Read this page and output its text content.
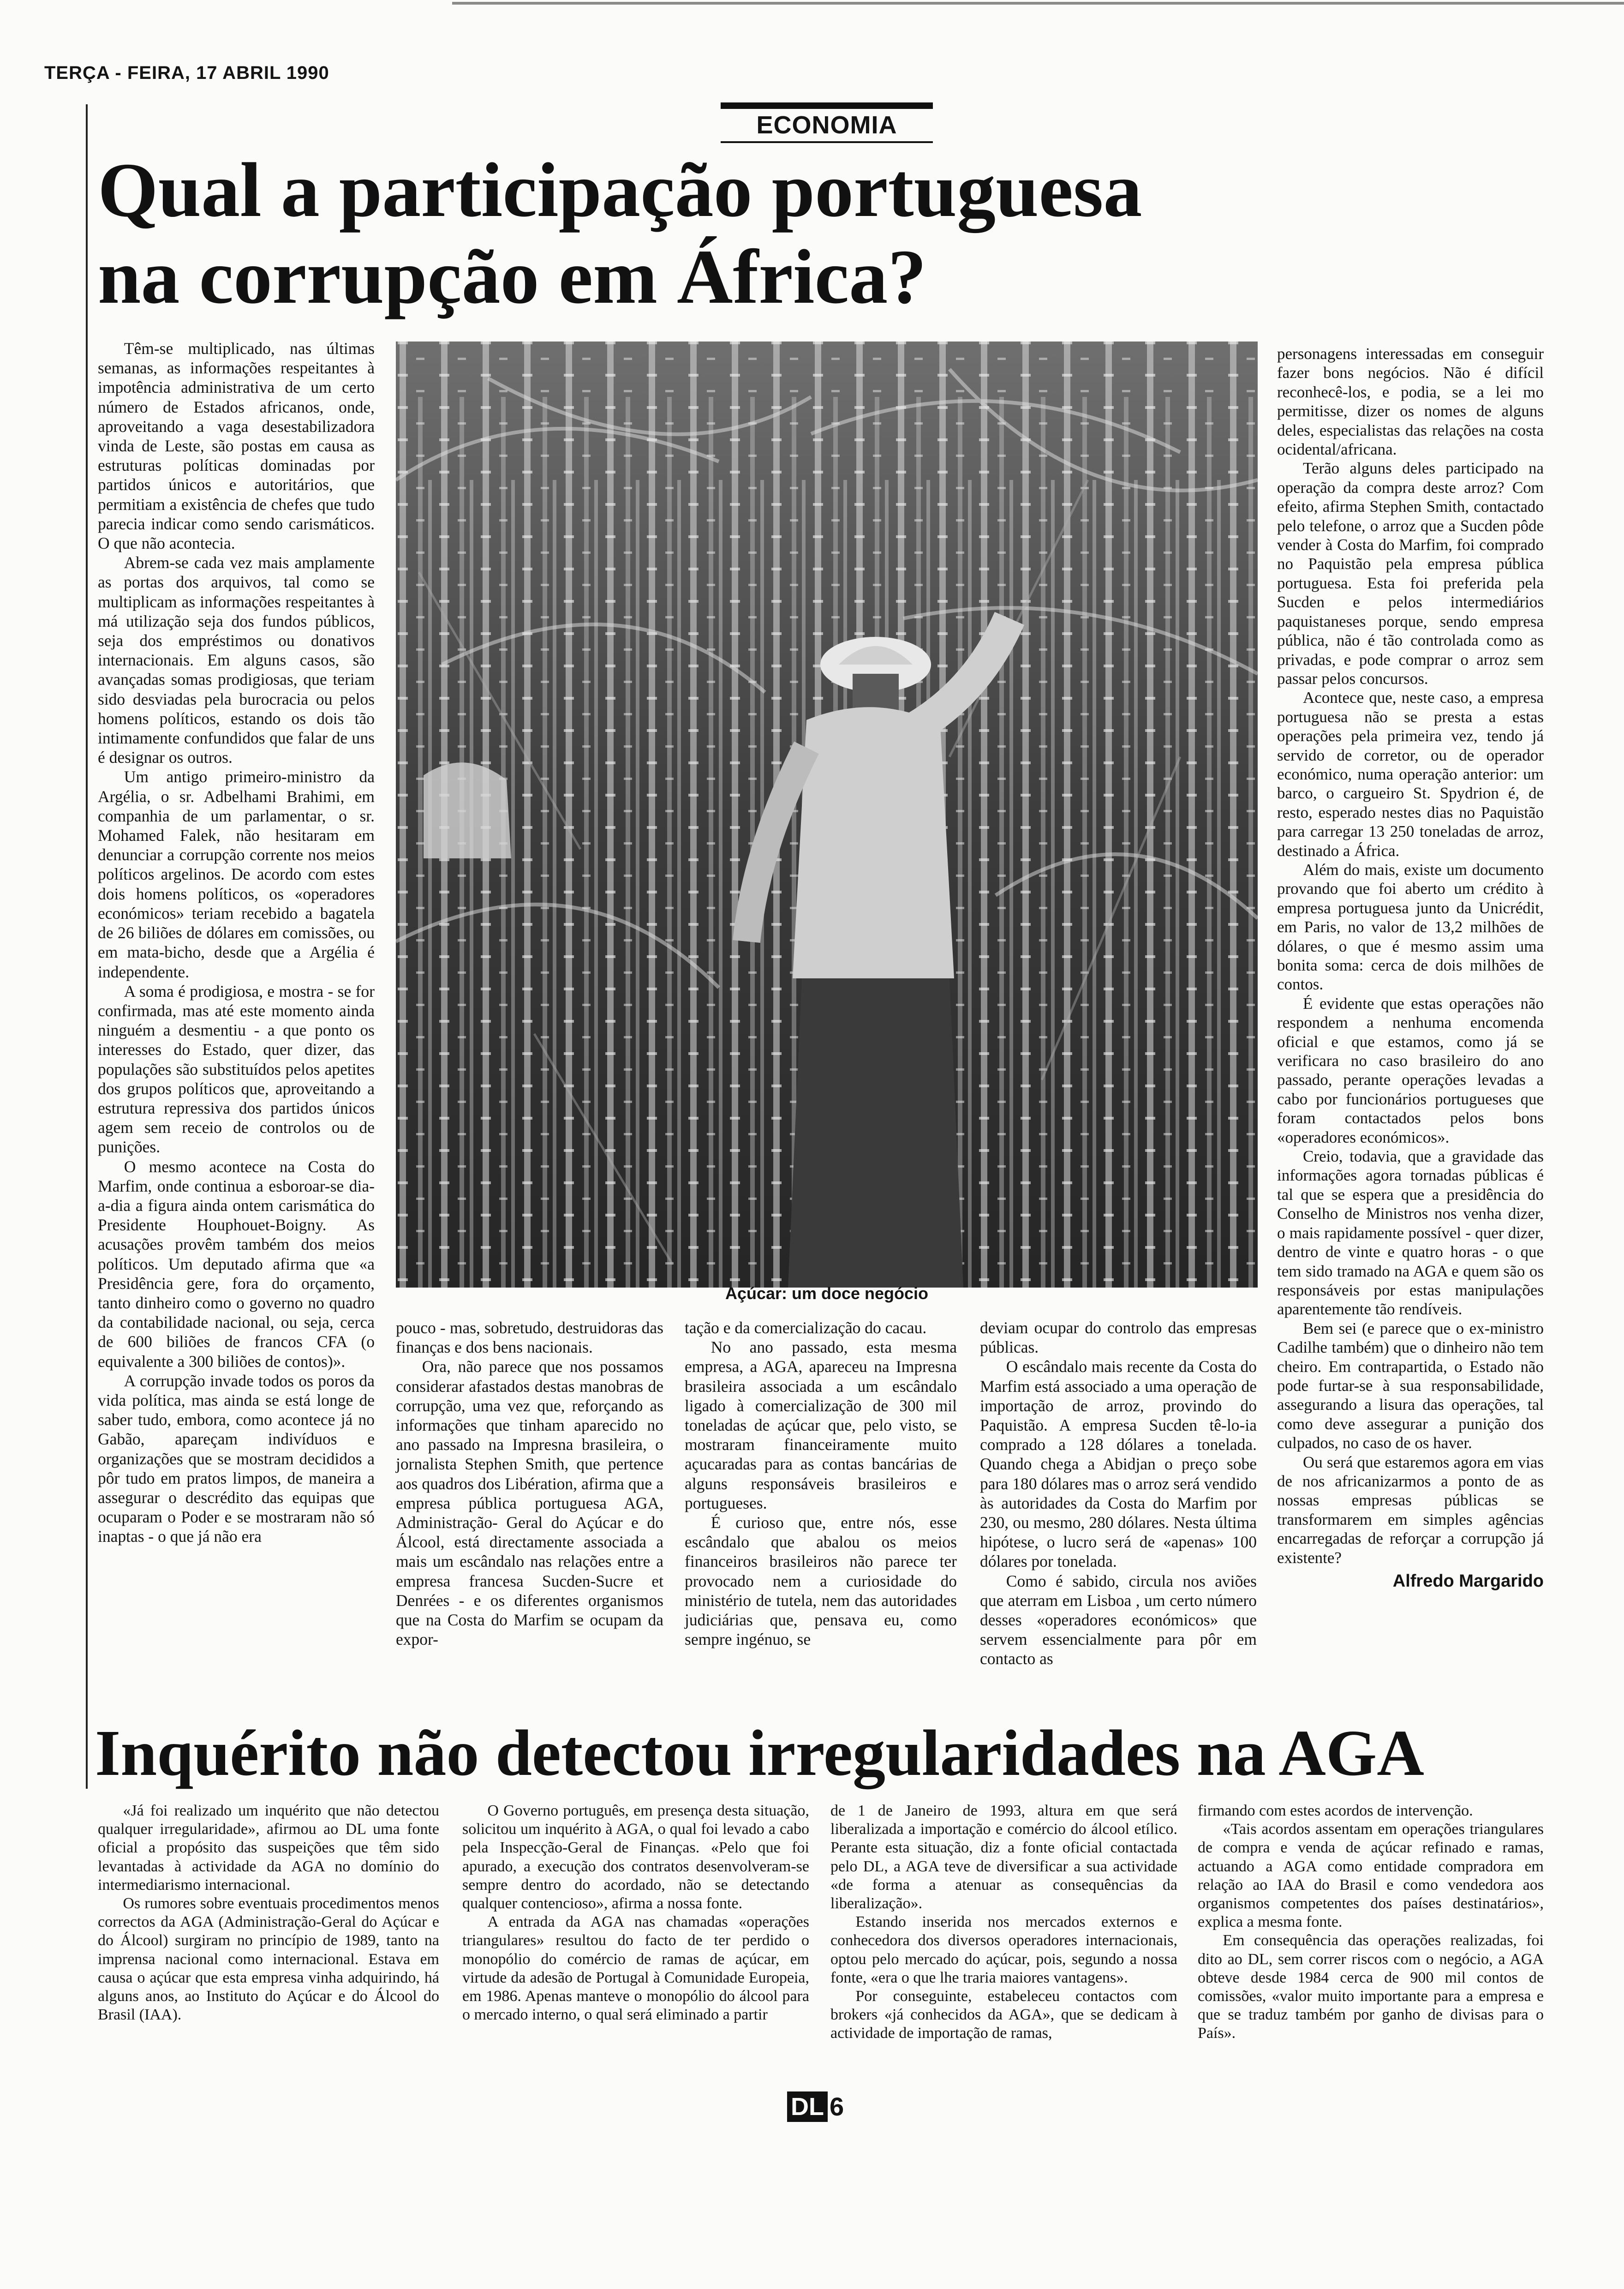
TERÇA - FEIRA, 17 ABRIL 1990
ECONOMIA
Qual a participação portuguesa
na corrupção em África?

Têm-se multiplicado, nas últimas semanas, as informações respeitantes à impotência administrativa de um certo número de Estados africanos, onde, aproveitando a vaga desestabilizadora vinda de Leste, são postas em causa as estruturas políticas dominadas por partidos únicos e autoritários, que permitiam a existência de chefes que tudo parecia indicar como sendo carismáticos. O que não acontecia.

Abrem-se cada vez mais amplamente as portas dos arquivos, tal como se multiplicam as informações respeitantes à má utilização seja dos fundos públicos, seja dos empréstimos ou donativos internacionais. Em alguns casos, são avançadas somas prodigiosas, que teriam sido desviadas pela burocracia ou pelos homens políticos, estando os dois tão intimamente confundidos que falar de uns é designar os outros.

Um antigo primeiro-ministro da Argélia, o sr. Adbelhami Brahimi, em companhia de um parlamentar, o sr. Mohamed Falek, não hesitaram em denunciar a corrupção corrente nos meios políticos argelinos. De acordo com estes dois homens políticos, os «operadores económicos» teriam recebido a bagatela de 26 biliões de dólares em comissões, ou em mata-bicho, desde que a Argélia é independente.

A soma é prodigiosa, e mostra - se for confirmada, mas até este momento ainda ninguém a desmentiu - a que ponto os interesses do Estado, quer dizer, das populações são substituídos pelos apetites dos grupos políticos que, aproveitando a estrutura repressiva dos partidos únicos agem sem receio de controlos ou de punições.

O mesmo acontece na Costa do Marfim, onde continua a esboroar-se dia-a-dia a figura ainda ontem carismática do Presidente Houphouet-Boigny. As acusações provêm também dos meios políticos. Um deputado afirma que «a Presidência gere, fora do orçamento, tanto dinheiro como o governo no quadro da contabilidade nacional, ou seja, cerca de 600 biliões de francos CFA (o equivalente a 300 biliões de contos)».

A corrupção invade todos os poros da vida política, mas ainda se está longe de saber tudo, embora, como acontece já no Gabão, apareçam indivíduos e organizações que se mostram decididos a pôr tudo em pratos limpos, de maneira a assegurar o descrédito das equipas que ocuparam o Poder e se mostraram não só inaptas - o que já não era

Açúcar: um doce negócio

pouco - mas, sobretudo, destruidoras das finanças e dos bens nacionais.

Ora, não parece que nos possamos considerar afastados destas manobras de corrupção, uma vez que, reforçando as informações que tinham aparecido no ano passado na Impresna brasileira, o jornalista Stephen Smith, que pertence aos quadros dos Libération, afirma que a empresa pública portuguesa AGA, Administração- Geral do Açúcar e do Álcool, está directamente associada a mais um escândalo nas relações entre a empresa francesa Sucden-Sucre et Denrées - e os diferentes organismos que na Costa do Marfim se ocupam da expor-

tação e da comercialização do cacau.

No ano passado, esta mesma empresa, a AGA, apareceu na Impresna brasileira associada a um escândalo ligado à comercialização de 300 mil toneladas de açúcar que, pelo visto, se mostraram financeiramente muito açucaradas para as contas bancárias de alguns responsáveis brasileiros e portugueses.

É curioso que, entre nós, esse escândalo que abalou os meios financeiros brasileiros não parece ter provocado nem a curiosidade do ministério de tutela, nem das autoridades judiciárias que, pensava eu, como sempre ingénuo, se

deviam ocupar do controlo das empresas públicas.

O escândalo mais recente da Costa do Marfim está associado a uma operação de importação de arroz, provindo do Paquistão. A empresa Sucden tê-lo-ia comprado a 128 dólares a tonelada. Quando chega a Abidjan o preço sobe para 180 dólares mas o arroz será vendido às autoridades da Costa do Marfim por 230, ou mesmo, 280 dólares. Nesta última hipótese, o lucro será de «apenas» 100 dólares por tonelada.

Como é sabido, circula nos aviões que aterram em Lisboa , um certo número desses «operadores económicos» que servem essencialmente para pôr em contacto as

personagens interessadas em conseguir fazer bons negócios. Não é difícil reconhecê-los, e podia, se a lei mo permitisse, dizer os nomes de alguns deles, especialistas das relações na costa ocidental/africana.

Terão alguns deles participado na operação da compra deste arroz? Com efeito, afirma Stephen Smith, contactado pelo telefone, o arroz que a Sucden pôde vender à Costa do Marfim, foi comprado no Paquistão pela empresa pública portuguesa. Esta foi preferida pela Sucden e pelos intermediários paquistaneses porque, sendo empresa pública, não é tão controlada como as privadas, e pode comprar o arroz sem passar pelos concursos.

Acontece que, neste caso, a empresa portuguesa não se presta a estas operações pela primeira vez, tendo já servido de corretor, ou de operador económico, numa operação anterior: um barco, o cargueiro St. Spydrion é, de resto, esperado nestes dias no Paquistão para carregar 13 250 toneladas de arroz, destinado a África.

Além do mais, existe um documento provando que foi aberto um crédito à empresa portuguesa junto da Unicrédit, em Paris, no valor de 13,2 milhões de dólares, o que é mesmo assim uma bonita soma: cerca de dois milhões de contos.

É evidente que estas operações não respondem a nenhuma encomenda oficial e que estamos, como já se verificara no caso brasileiro do ano passado, perante operações levadas a cabo por funcionários portugueses que foram contactados pelos bons «operadores económicos».

Creio, todavia, que a gravidade das informações agora tornadas públicas é tal que se espera que a presidência do Conselho de Ministros nos venha dizer, o mais rapidamente possível - quer dizer, dentro de vinte e quatro horas - o que tem sido tramado na AGA e quem são os responsáveis por estas manipulações aparentemente tão rendíveis.

Bem sei (e parece que o ex-ministro Cadilhe também) que o dinheiro não tem cheiro. Em contrapartida, o Estado não pode furtar-se à sua responsabilidade, assegurando a lisura das operações, tal como deve assegurar a punição dos culpados, no caso de os haver.

Ou será que estaremos agora em vias de nos africanizarmos a ponto de as nossas empresas públicas se transformarem em simples agências encarregadas de reforçar a corrupção já existente?

Alfredo Margarido
Inquérito não detectou irregularidades na AGA

«Já foi realizado um inquérito que não detectou qualquer irregularidade», afirmou ao DL uma fonte oficial a propósito das suspeições que têm sido levantadas à actividade da AGA no domínio do intermediarismo internacional.

Os rumores sobre eventuais procedimentos menos correctos da AGA (Administração-Geral do Açúcar e do Álcool) surgiram no princípio de 1989, tanto na imprensa nacional como internacional. Estava em causa o açúcar que esta empresa vinha adquirindo, há alguns anos, ao Instituto do Açúcar e do Álcool do Brasil (IAA).

O Governo português, em presença desta situação, solicitou um inquérito à AGA, o qual foi levado a cabo pela Inspecção-Geral de Finanças. «Pelo que foi apurado, a execução dos contratos desenvolveram-se sempre dentro do acordado, não se detectando qualquer contencioso», afirma a nossa fonte.

A entrada da AGA nas chamadas «operações triangulares» resultou do facto de ter perdido o monopólio do comércio de ramas de açúcar, em virtude da adesão de Portugal à Comunidade Europeia, em 1986. Apenas manteve o monopólio do álcool para o mercado interno, o qual será eliminado a partir

de 1 de Janeiro de 1993, altura em que será liberalizada a importação e comércio do álcool etílico. Perante esta situação, diz a fonte oficial contactada pelo DL, a AGA teve de diversificar a sua actividade «de forma a atenuar as consequências da liberalização».

Estando inserida nos mercados externos e conhecedora dos diversos operadores internacionais, optou pelo mercado do açúcar, pois, segundo a nossa fonte, «era o que lhe traria maiores vantagens».

Por conseguinte, estabeleceu contactos com brokers «já conhecidos da AGA», que se dedicam à actividade de importação de ramas,

firmando com estes acordos de intervenção.

«Tais acordos assentam em operações triangulares de compra e venda de açúcar refinado e ramas, actuando a AGA como entidade compradora em relação ao IAA do Brasil e como vendedora aos organismos competentes dos países destinatários», explica a mesma fonte.

Em consequência das operações realizadas, foi dito ao DL, sem correr riscos com o negócio, a AGA obteve desde 1984 cerca de 900 mil contos de comissões, «valor muito importante para a empresa e que se traduz também por ganho de divisas para o País».

DL 6
